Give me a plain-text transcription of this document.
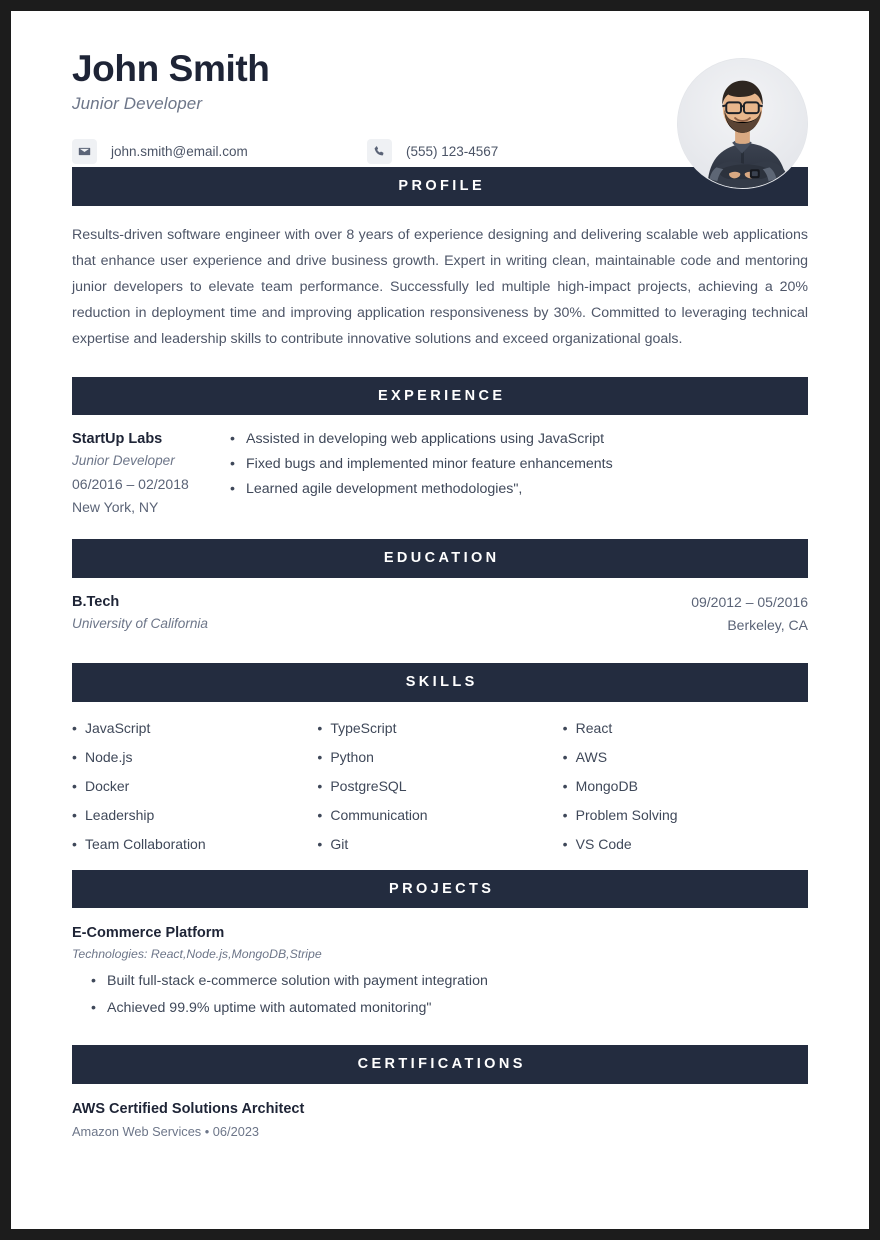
John Smith
Junior Developer
john.smith@email.com	(555) 123-4567
PROFILE
Results-driven software engineer with over 8 years of experience designing and delivering scalable web applications that enhance user experience and drive business growth. Expert in writing clean, maintainable code and mentoring junior developers to elevate team performance. Successfully led multiple high-impact projects, achieving a 20% reduction in deployment time and improving application responsiveness by 30%. Committed to leveraging technical expertise and leadership skills to contribute innovative solutions and exceed organizational goals.
EXPERIENCE
StartUp Labs
Junior Developer
06/2016 – 02/2018
New York, NY
• Assisted in developing web applications using JavaScript
• Fixed bugs and implemented minor feature enhancements
• Learned agile development methodologies",
EDUCATION
B.Tech
University of California
09/2012 – 05/2016
Berkeley, CA
SKILLS
• JavaScript	• TypeScript	• React
• Node.js	• Python	• AWS
• Docker	• PostgreSQL	• MongoDB
• Leadership	• Communication	• Problem Solving
• Team Collaboration	• Git	• VS Code
PROJECTS
E-Commerce Platform
Technologies: React,Node.js,MongoDB,Stripe
• Built full-stack e-commerce solution with payment integration
• Achieved 99.9% uptime with automated monitoring"
CERTIFICATIONS
AWS Certified Solutions Architect
Amazon Web Services • 06/2023
